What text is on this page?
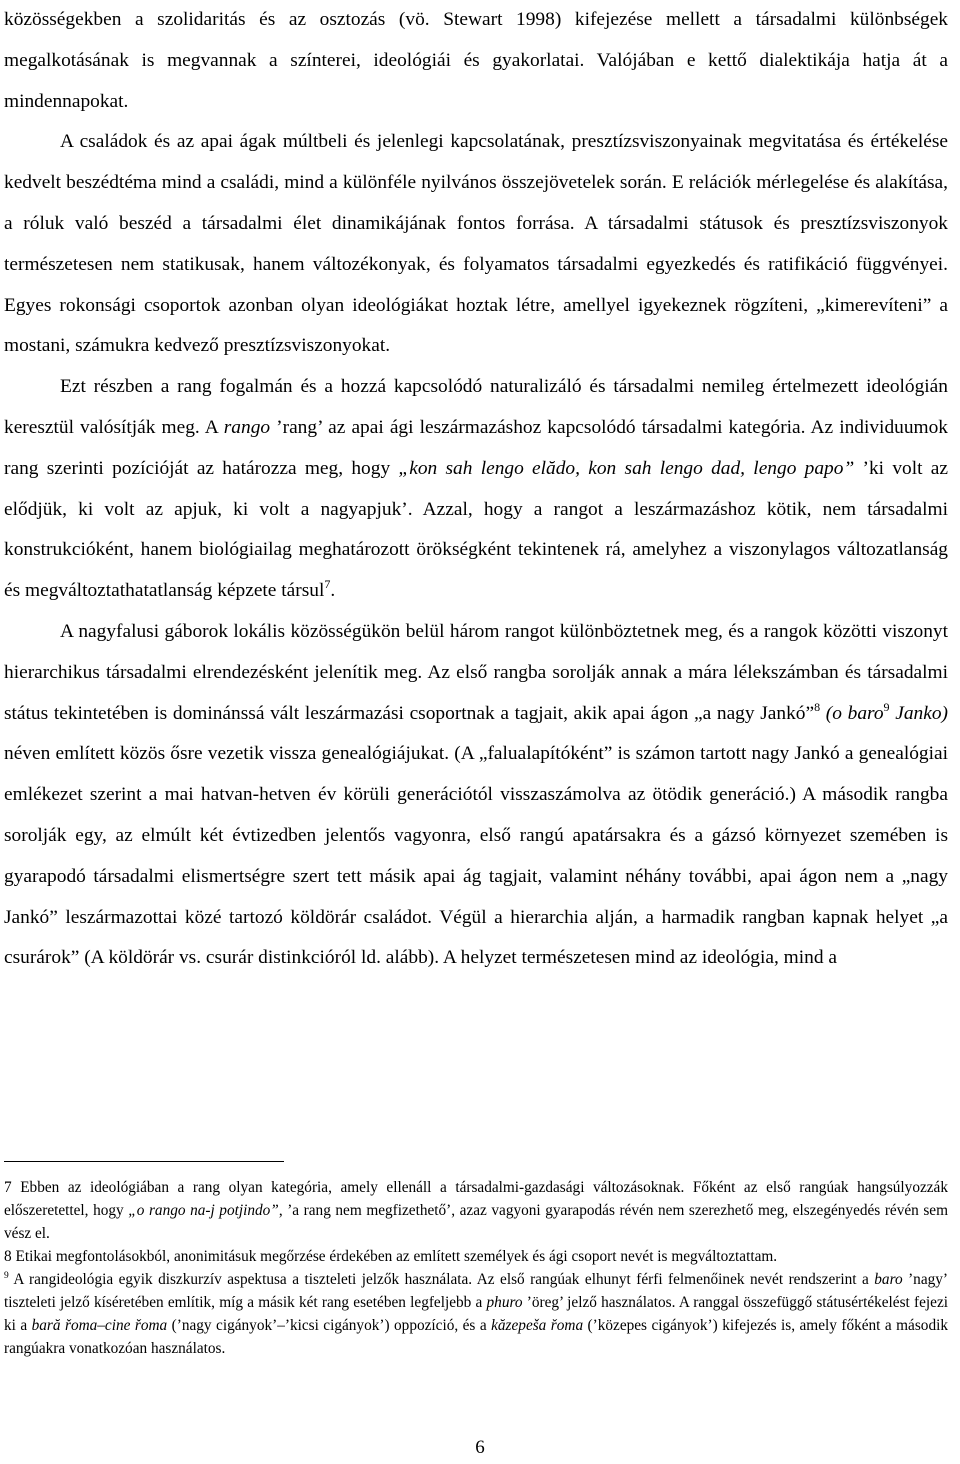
közösségekben a szolidaritás és az osztozás (vö. Stewart 1998) kifejezése mellett a társadalmi különbségek megalkotásának is megvannak a színterei, ideológiái és gyakorlatai. Valójában e kettő dialektikája hatja át a mindennapokat.

A családok és az apai ágak múltbeli és jelenlegi kapcsolatának, presztízsviszonyainak megvitatása és értékelése kedvelt beszédtéma mind a családi, mind a különféle nyilvános összejövetelek során. E relációk mérlegelése és alakítása, a róluk való beszéd a társadalmi élet dinamikájának fontos forrása. A társadalmi státusok és presztízsviszonyok természetesen nem statikusak, hanem változékonyak, és folyamatos társadalmi egyezkedés és ratifikáció függvényei. Egyes rokonsági csoportok azonban olyan ideológiákat hoztak létre, amellyel igyekeznek rögzíteni, „kimerevíteni” a mostani, számukra kedvező presztízsviszonyokat.

Ezt részben a rang fogalmán és a hozzá kapcsolódó naturalizáló és társadalmi nemileg értelmezett ideológián keresztül valósítják meg. A rango ’rang’ az apai ági leszármazáshoz kapcsolódó társadalmi kategória. Az individuumok rang szerinti pozícióját az határozza meg, hogy „kon sah lengo elădo, kon sah lengo dad, lengo papo” ’ki volt az elődjük, ki volt az apjuk, ki volt a nagyapjuk’. Azzal, hogy a rangot a leszármazáshoz kötik, nem társadalmi konstrukcióként, hanem biológiailag meghatározott örökségként tekintenek rá, amelyhez a viszonylagos változatlanság és megváltoztathatatlanság képzete társul$^7$.

A nagyfalusi gáborok lokális közösségükön belül három rangot különböztetnek meg, és a rangok közötti viszonyt hierarchikus társadalmi elrendezésként jelenítik meg. Az első rangba sorolják annak a mára lélekszámban és társadalmi státus tekintetében is dominánssá vált leszármazási csoportnak a tagjait, akik apai ágon „a nagy Jankó”$^8$ (o baro$^9$ Janko) néven említett közös ősre vezetik vissza genealógiájukat. (A „falualapítóként” is számon tartott nagy Jankó a genealógiai emlékezet szerint a mai hatvan-hetven év körüli generációtól visszaszámolva az ötödik generáció.) A második rangba sorolják egy, az elmúlt két évtizedben jelentős vagyonra, első rangú apatársakra és a gázsó környezet szemében is gyarapodó társadalmi elismertségre szert tett másik apai ág tagjait, valamint néhány további, apai ágon nem a „nagy Jankó” leszármazottai közé tartozó köldörár családot. Végül a hierarchia alján, a harmadik rangban kapnak helyet „a csurárok” (A köldörár vs. csurár distinkcióról ld. alább). A helyzet természetesen mind az ideológia, mind a

7 Ebben az ideológiában a rang olyan kategória, amely ellenáll a társadalmi-gazdasági változásoknak. Főként az első rangúak hangsúlyozzák előszeretettel, hogy „o rango na-j potjindo”, ’a rang nem megfizethető’, azaz vagyoni gyarapodás révén nem szerezhető meg, elszegényedés révén sem vész el.

8 Etikai megfontolásokból, anonimitásuk megőrzése érdekében az említett személyek és ági csoport nevét is megváltoztattam.

$^9$ A rangideológia egyik diszkurzív aspektusa a tiszteleti jelzők használata. Az első rangúak elhunyt férfi felmenőinek nevét rendszerint a baro ’nagy’ tiszteleti jelző kíséretében említik, míg a másik két rang esetében legfeljebb a phuro ’öreg’ jelző használatos. A ranggal összefüggő státusértékelést fejezi ki a bară řoma–cine řoma (’nagy cigányok’–’kicsi cigányok’) oppozíció, és a kăzepeša řoma (’közepes cigányok’) kifejezés is, amely főként a második rangúakra vonatkozóan használatos.

6
